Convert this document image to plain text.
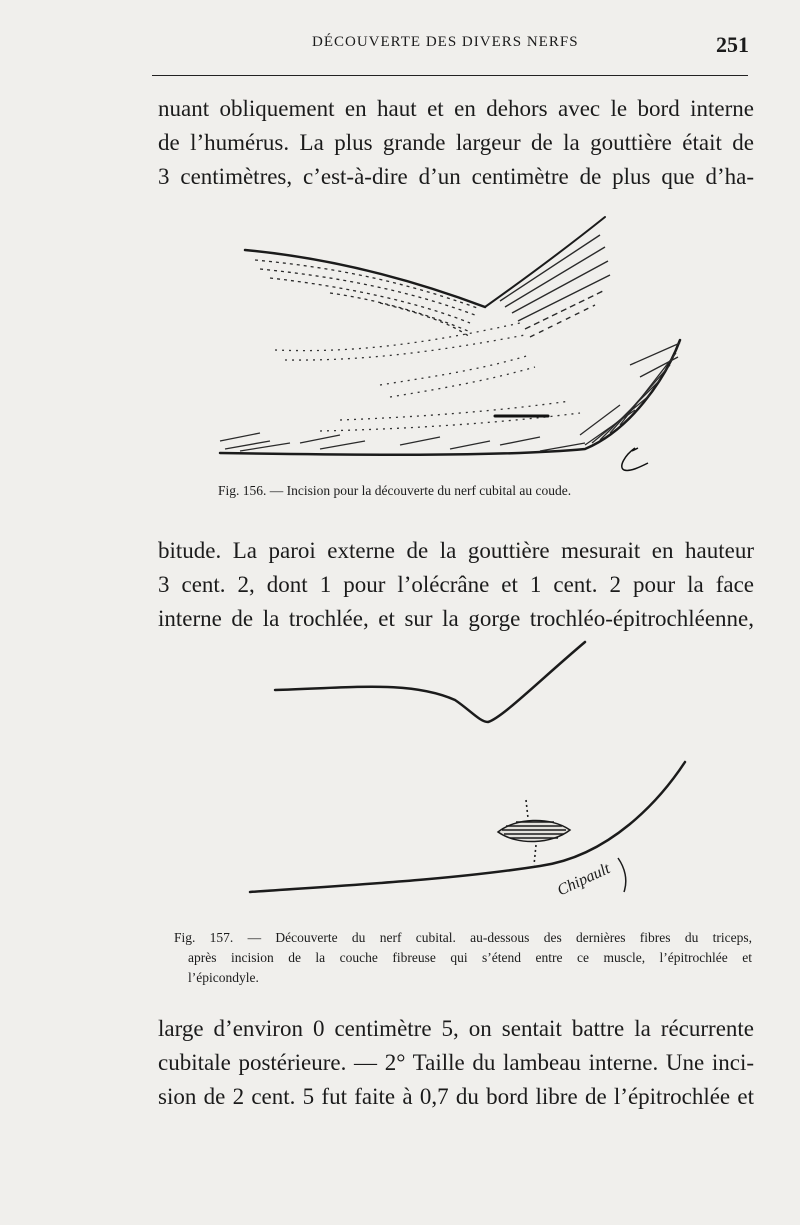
DÉCOUVERTE DES DIVERS NERFS	251
nuant obliquement en haut et en dehors avec le bord interne
de l’humérus. La plus grande largeur de la gouttière était de
3 centimètres, c’est-à-dire d’un centimètre de plus que d’ha-
Fig. 156. — Incision pour la découverte du nerf cubital au coude.
bitude. La paroi externe de la gouttière mesurait en hauteur
3 cent. 2, dont 1 pour l’olécrâne et 1 cent. 2 pour la face
interne de la trochlée, et sur la gorge trochléo-épitrochléenne,
Chipault
Fig. 157. — Découverte du nerf cubital. au-dessous des dernières fibres du triceps,
après incision de la couche fibreuse qui s’étend entre ce muscle, l’épitrochlée et
l’épicondyle.
large d’environ 0 centimètre 5, on sentait battre la récurrente
cubitale postérieure. — 2° Taille du lambeau interne. Une inci-
sion de 2 cent. 5 fut faite à 0,7 du bord libre de l’épitrochlée et
